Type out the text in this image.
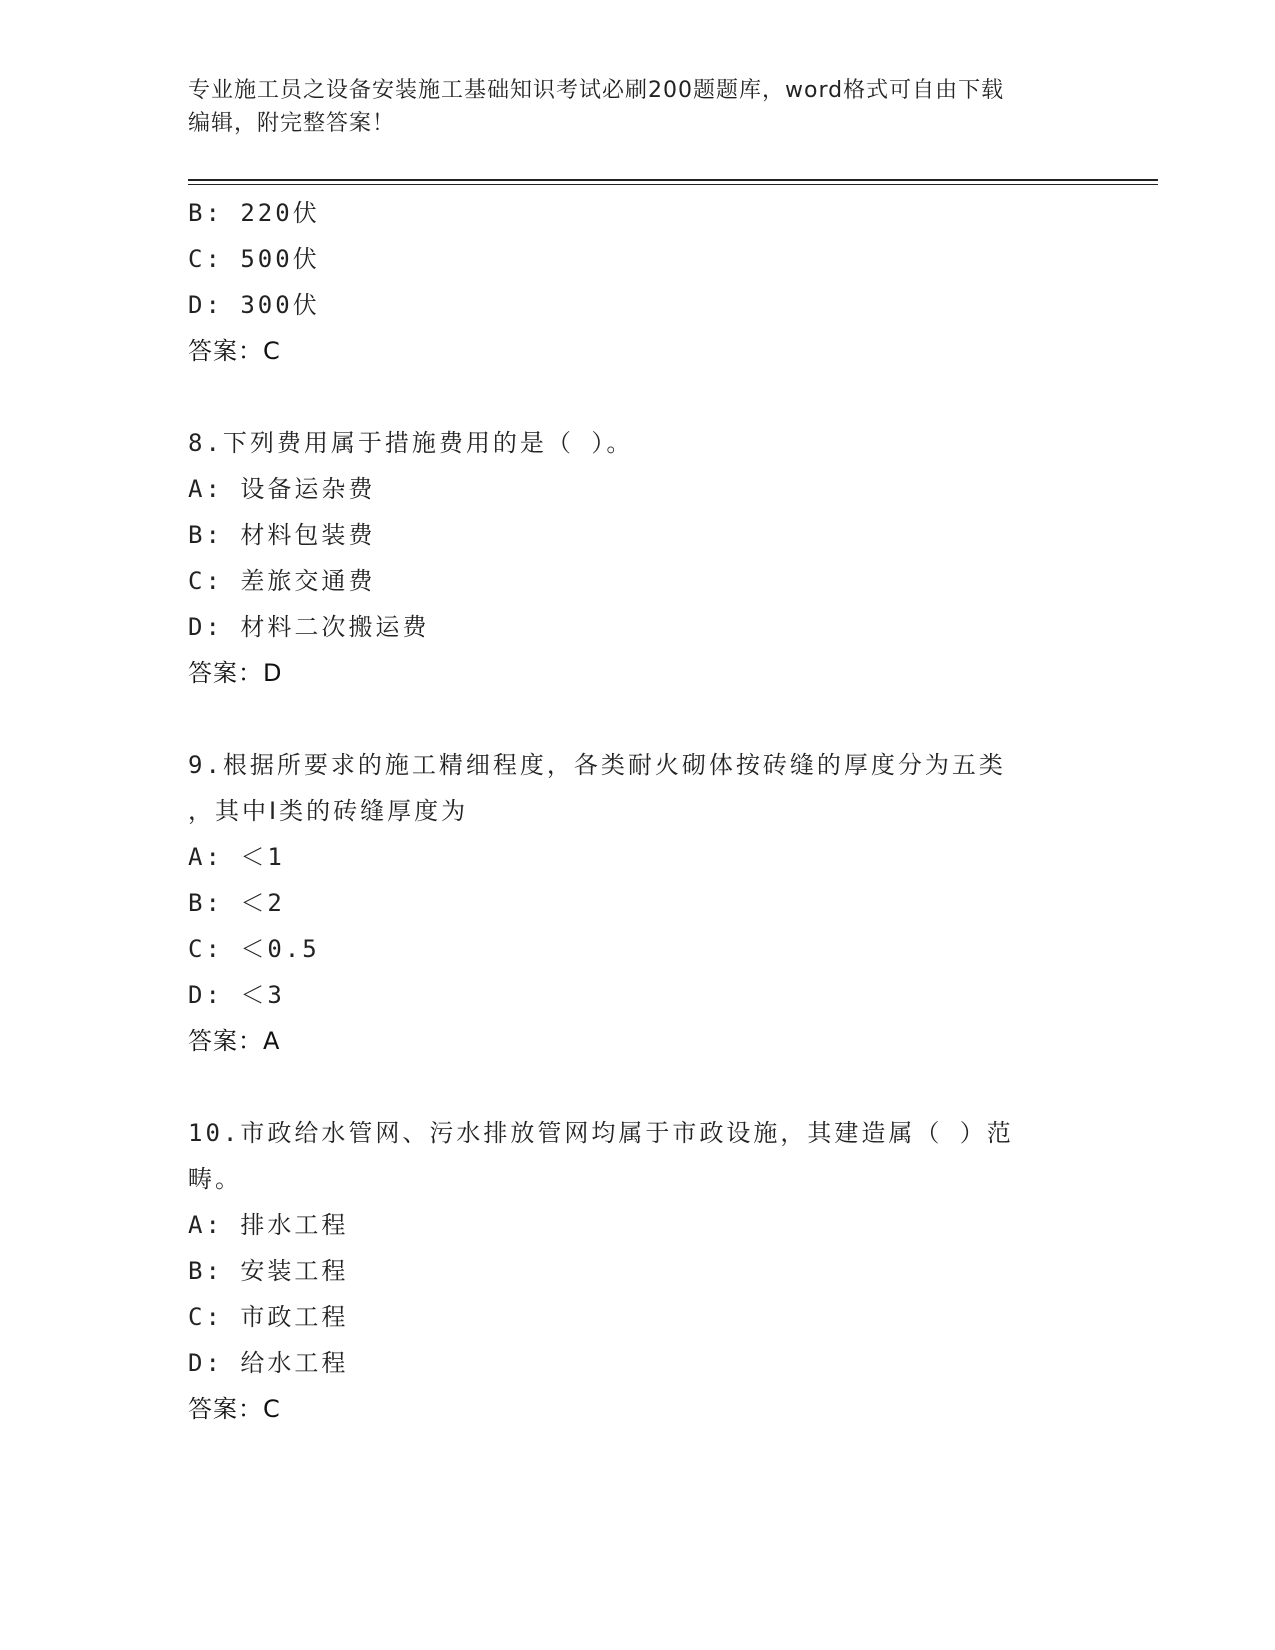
专业施工员之设备安装施工基础知识考试必刷200题题库，word格式可自由下载
编辑，附完整答案！
B: 220伏
C: 500伏
D: 300伏
答案：C
8.下列费用属于措施费用的是（ ）。
A: 设备运杂费
B: 材料包装费
C: 差旅交通费
D: 材料二次搬运费
答案：D
9.根据所要求的施工精细程度，各类耐火砌体按砖缝的厚度分为五类
，其中Ⅰ类的砖缝厚度为
A: ＜1
B: ＜2
C: ＜0.5
D: ＜3
答案：A
10.市政给水管网、污水排放管网均属于市政设施，其建造属（ ）范
畴。
A: 排水工程
B: 安装工程
C: 市政工程
D: 给水工程
答案：C
